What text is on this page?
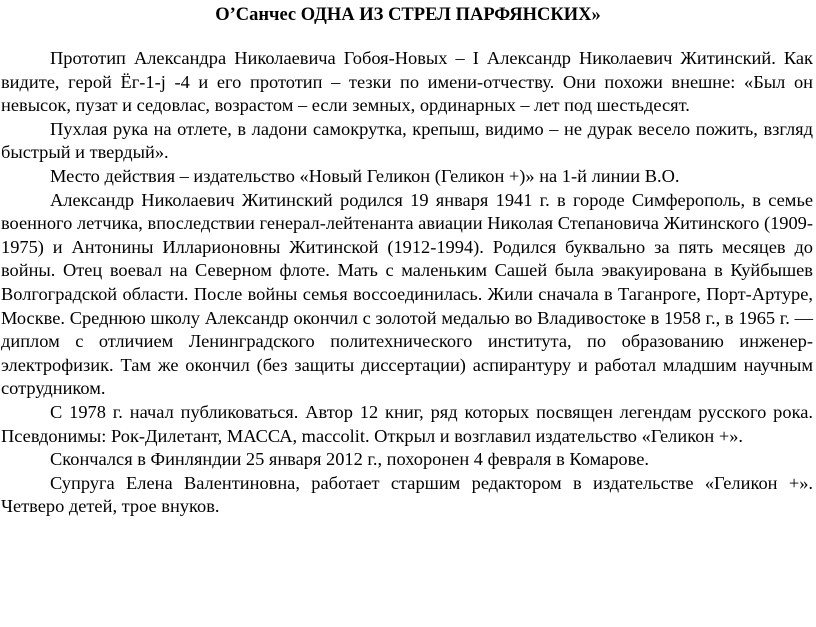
О’Санчес ОДНА ИЗ СТРЕЛ ПАРФЯНСКИХ»

Прототип Александра Николаевича Гобоя-Новых – I Александр Николаевич Житинский. Как видите, герой Ёг-1-j -4 и его прототип – тезки по имени-отчеству. Они похожи внешне: «Был он невысок, пузат и седовлас, возрастом – если земных, ординарных – лет под шестьдесят.

Пухлая рука на отлете, в ладони самокрутка, крепыш, видимо – не дурак весело пожить, взгляд быстрый и твердый».

Место действия – издательство «Новый Геликон (Геликон +)» на 1-й линии В.О.

Александр Николаевич Житинский родился 19 января 1941 г. в городе Симферополь, в семье военного летчика, впоследствии генерал-лейтенанта авиации Николая Степановича Житинского (1909-1975) и Антонины Илларионовны Житинской (1912-1994). Родился буквально за пять месяцев до войны. Отец воевал на Северном флоте. Мать с маленьким Сашей была эвакуирована в Куйбышев Волгоградской области. После войны семья воссоединилась. Жили сначала в Таганроге, Порт-Артуре, Москве. Среднюю школу Александр окончил с золотой медалью во Владивостоке в 1958 г., в 1965 г. —диплом с отличием Ленинградского политехнического института, по образованию инженер-электрофизик. Там же окончил (без защиты диссертации) аспирантуру и работал младшим научным сотрудником.

С 1978 г. начал публиковаться. Автор 12 книг, ряд которых посвящен легендам русского рока. Псевдонимы: Рок-Дилетант, МАССА, maccolit. Открыл и возглавил издательство «Геликон +».

Скончался в Финляндии 25 января 2012 г., похоронен 4 февраля в Комарове.

Супруга Елена Валентиновна, работает старшим редактором в издательстве «Геликон +». Четверо детей, трое внуков.
